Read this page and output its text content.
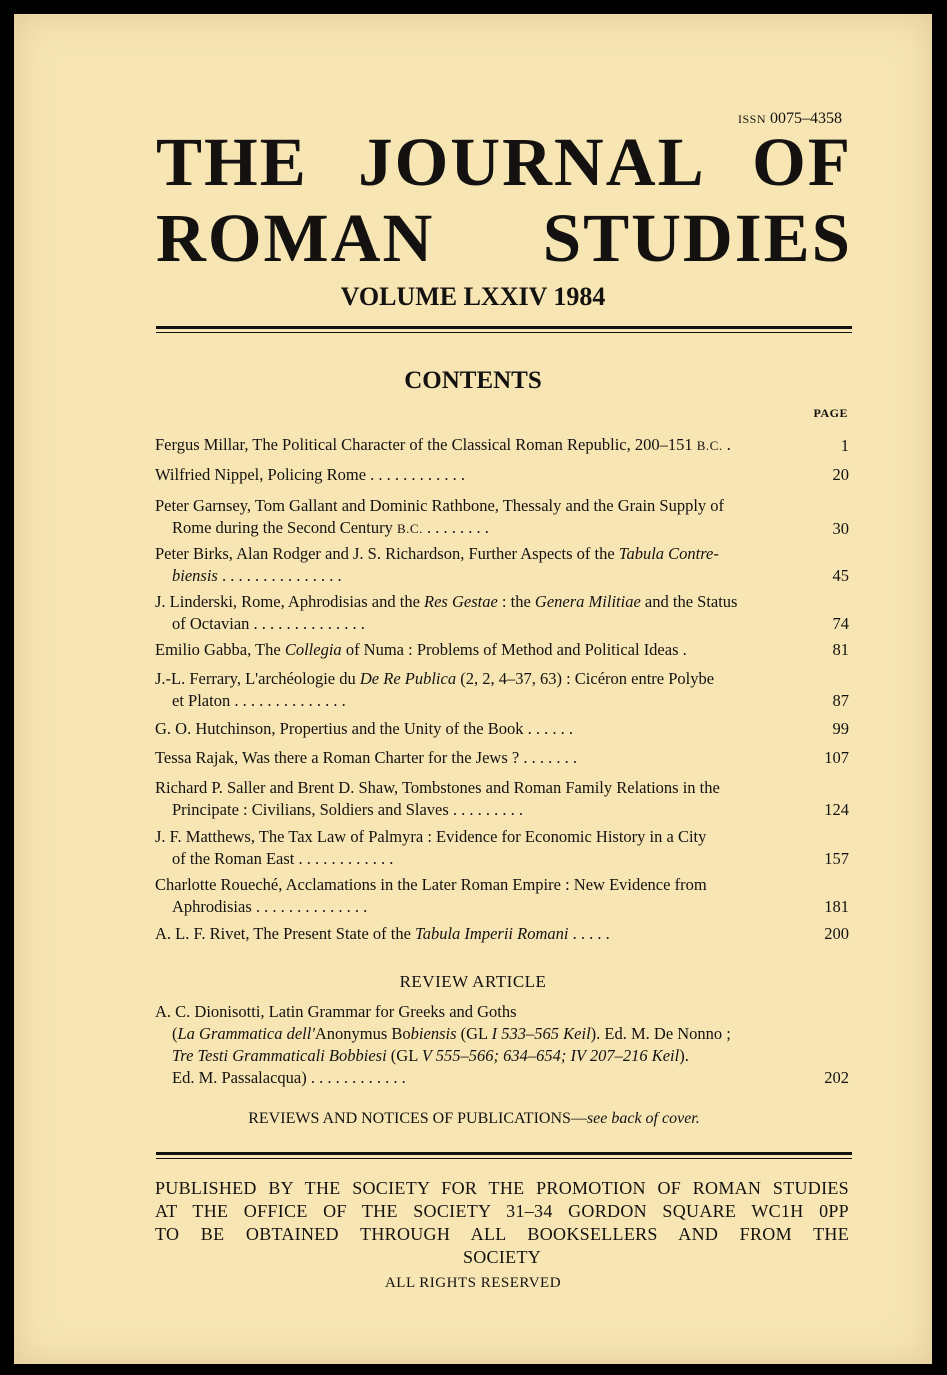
ISSN 0075–4358
THE JOURNAL OF
ROMAN STUDIES
VOLUME LXXIV 1984
CONTENTS
PAGE
Fergus Millar, The Political Character of the Classical Roman Republic, 200–151 B.C. .	1
Wilfried Nippel, Policing Rome . . . . . . . . . . . .	20
Peter Garnsey, Tom Gallant and Dominic Rathbone, Thessaly and the Grain Supply of
Rome during the Second Century B.C. . . . . . . . .	30
Peter Birks, Alan Rodger and J. S. Richardson, Further Aspects of the Tabula Contre-
biensis . . . . . . . . . . . . . . .	45
J. Linderski, Rome, Aphrodisias and the Res Gestae : the Genera Militiae and the Status
of Octavian . . . . . . . . . . . . . .	74
Emilio Gabba, The Collegia of Numa : Problems of Method and Political Ideas .	81
J.-L. Ferrary, L'archéologie du De Re Publica (2, 2, 4–37, 63) : Cicéron entre Polybe
et Platon . . . . . . . . . . . . . .	87
G. O. Hutchinson, Propertius and the Unity of the Book . . . . . .	99
Tessa Rajak, Was there a Roman Charter for the Jews ? . . . . . . .	107
Richard P. Saller and Brent D. Shaw, Tombstones and Roman Family Relations in the
Principate : Civilians, Soldiers and Slaves . . . . . . . . .	124
J. F. Matthews, The Tax Law of Palmyra : Evidence for Economic History in a City
of the Roman East . . . . . . . . . . . .	157
Charlotte Roueché, Acclamations in the Later Roman Empire : New Evidence from
Aphrodisias . . . . . . . . . . . . . .	181
A. L. F. Rivet, The Present State of the Tabula Imperii Romani . . . . .	200
REVIEW ARTICLE
A. C. Dionisotti, Latin Grammar for Greeks and Goths
(La Grammatica dell'Anonymus Bobiensis (GL I 533–565 Keil). Ed. M. De Nonno ;
Tre Testi Grammaticali Bobbiesi (GL V 555–566; 634–654; IV 207–216 Keil).
Ed. M. Passalacqua) . . . . . . . . . . . .	202
REVIEWS AND NOTICES OF PUBLICATIONS—see back of cover.
PUBLISHED BY THE SOCIETY FOR THE PROMOTION OF ROMAN STUDIES
AT THE OFFICE OF THE SOCIETY 31–34 GORDON SQUARE WC1H 0PP
TO BE OBTAINED THROUGH ALL BOOKSELLERS AND FROM THE
SOCIETY
ALL RIGHTS RESERVED
